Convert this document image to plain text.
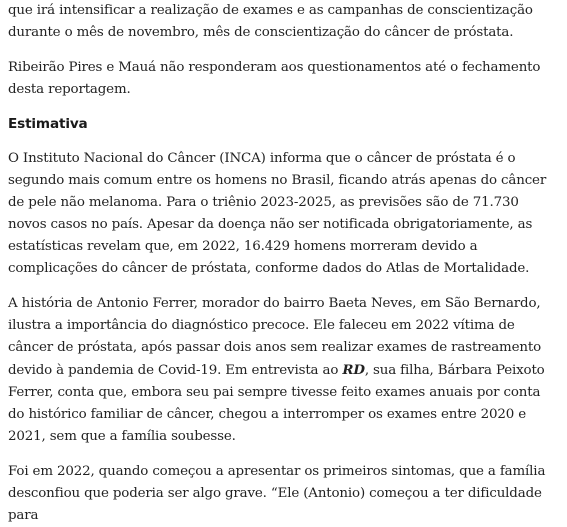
que irá intensificar a realização de exames e as campanhas de conscientização durante o mês de novembro, mês de conscientização do câncer de próstata.

Ribeirão Pires e Mauá não responderam aos questionamentos até o fechamento desta reportagem.

Estimativa

O Instituto Nacional do Câncer (INCA) informa que o câncer de próstata é o segundo mais comum entre os homens no Brasil, ficando atrás apenas do câncer de pele não melanoma. Para o triênio 2023-2025, as previsões são de 71.730 novos casos no país. Apesar da doença não ser notificada obrigatoriamente, as estatísticas revelam que, em 2022, 16.429 homens morreram devido a complicações do câncer de próstata, conforme dados do Atlas de Mortalidade.

A história de Antonio Ferrer, morador do bairro Baeta Neves, em São Bernardo, ilustra a importância do diagnóstico precoce. Ele faleceu em 2022 vítima de câncer de próstata, após passar dois anos sem realizar exames de rastreamento devido à pandemia de Covid-19. Em entrevista ao RD, sua filha, Bárbara Peixoto Ferrer, conta que, embora seu pai sempre tivesse feito exames anuais por conta do histórico familiar de câncer, chegou a interromper os exames entre 2020 e 2021, sem que a família soubesse.

Foi em 2022, quando começou a apresentar os primeiros sintomas, que a família desconfiou que poderia ser algo grave. “Ele (Antonio) começou a ter dificuldade para
